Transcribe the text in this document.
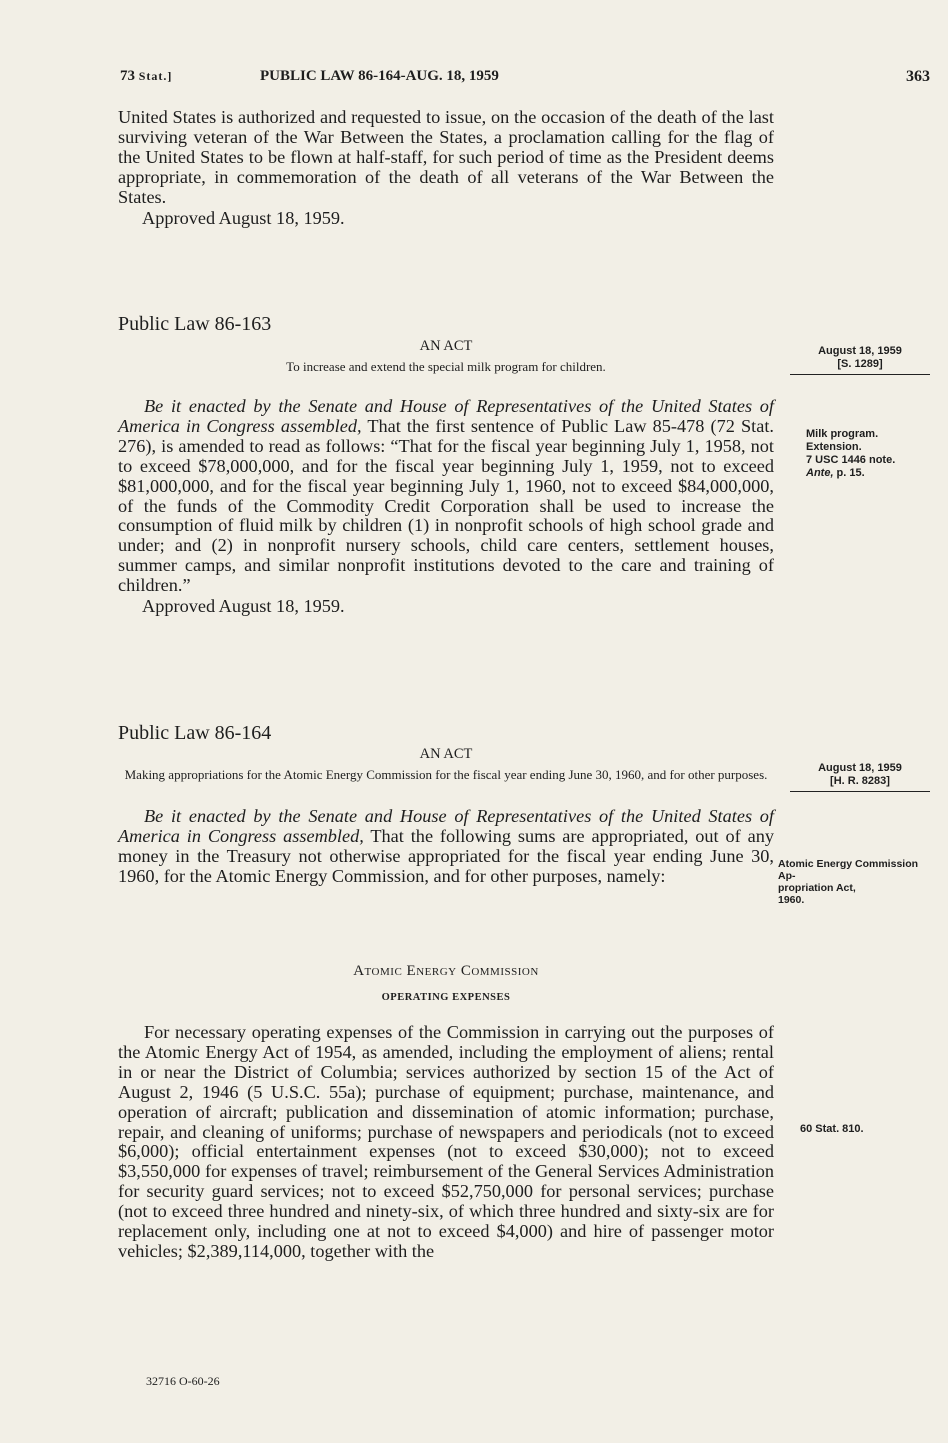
73 Stat.]	PUBLIC LAW 86-164-AUG. 18, 1959	363

United States is authorized and requested to issue, on the occasion of the death of the last surviving veteran of the War Between the States, a proclamation calling for the flag of the United States to be flown at half-staff, for such period of time as the President deems appropriate, in commemoration of the death of all veterans of the War Between the States.

Approved August 18, 1959.

Public Law 86-163

AN ACT

To increase and extend the special milk program for children.

Be it enacted by the Senate and House of Representatives of the United States of America in Congress assembled, That the first sentence of Public Law 85-478 (72 Stat. 276), is amended to read as follows: “That for the fiscal year beginning July 1, 1958, not to exceed $78,000,000, and for the fiscal year beginning July 1, 1959, not to exceed $81,000,000, and for the fiscal year beginning July 1, 1960, not to exceed $84,000,000, of the funds of the Commodity Credit Corporation shall be used to increase the consumption of fluid milk by children (1) in nonprofit schools of high school grade and under; and (2) in nonprofit nursery schools, child care centers, settlement houses, summer camps, and similar nonprofit institutions devoted to the care and training of children.”

Approved August 18, 1959.

August 18, 1959
[S. 1289]
Milk program.
Extension.
7 USC 1446 note.
Ante, p. 15.

Public Law 86-164

AN ACT

Making appropriations for the Atomic Energy Commission for the fiscal year ending June 30, 1960, and for other purposes.

Be it enacted by the Senate and House of Representatives of the United States of America in Congress assembled, That the following sums are appropriated, out of any money in the Treasury not otherwise appropriated for the fiscal year ending June 30, 1960, for the Atomic Energy Commission, and for other purposes, namely:

August 18, 1959
[H. R. 8283]
Atomic Energy Commission Ap-
propriation Act,
1960.

Atomic Energy Commission

OPERATING EXPENSES

For necessary operating expenses of the Commission in carrying out the purposes of the Atomic Energy Act of 1954, as amended, including the employment of aliens; rental in or near the District of Columbia; services authorized by section 15 of the Act of August 2, 1946 (5 U.S.C. 55a); purchase of equipment; purchase, maintenance, and operation of aircraft; publication and dissemination of atomic information; purchase, repair, and cleaning of uniforms; purchase of newspapers and periodicals (not to exceed $6,000); official entertainment expenses (not to exceed $30,000); not to exceed $3,550,000 for expenses of travel; reimbursement of the General Services Administration for security guard services; not to exceed $52,750,000 for personal services; purchase (not to exceed three hundred and ninety-six, of which three hundred and sixty-six are for replacement only, including one at not to exceed $4,000) and hire of passenger motor vehicles; $2,389,114,000, together with the

60 Stat. 810.
32716 O-60-26
